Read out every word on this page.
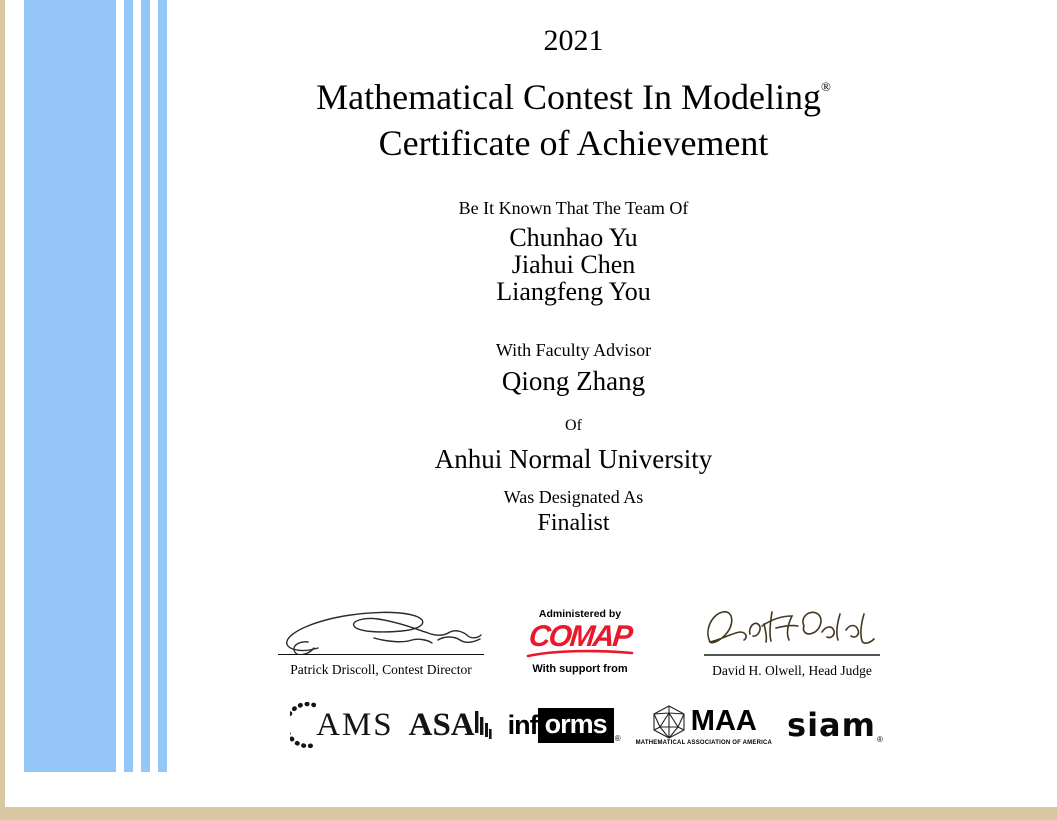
2021
Mathematical Contest In Modeling®
Certificate of Achievement
Be It Known That The Team Of
Chunhao Yu
Jiahui Chen
Liangfeng You
With Faculty Advisor
Qiong Zhang
Of
Anhui Normal University
Was Designated As
Finalist
Patrick Driscoll, Contest Director
Administered by
COMAP
With support from	David H. Olwell, Head Judge
AMS ASA inf orms	®
MAA
MATHEMATICAL ASSOCIATION OF AMERICA siam ®
